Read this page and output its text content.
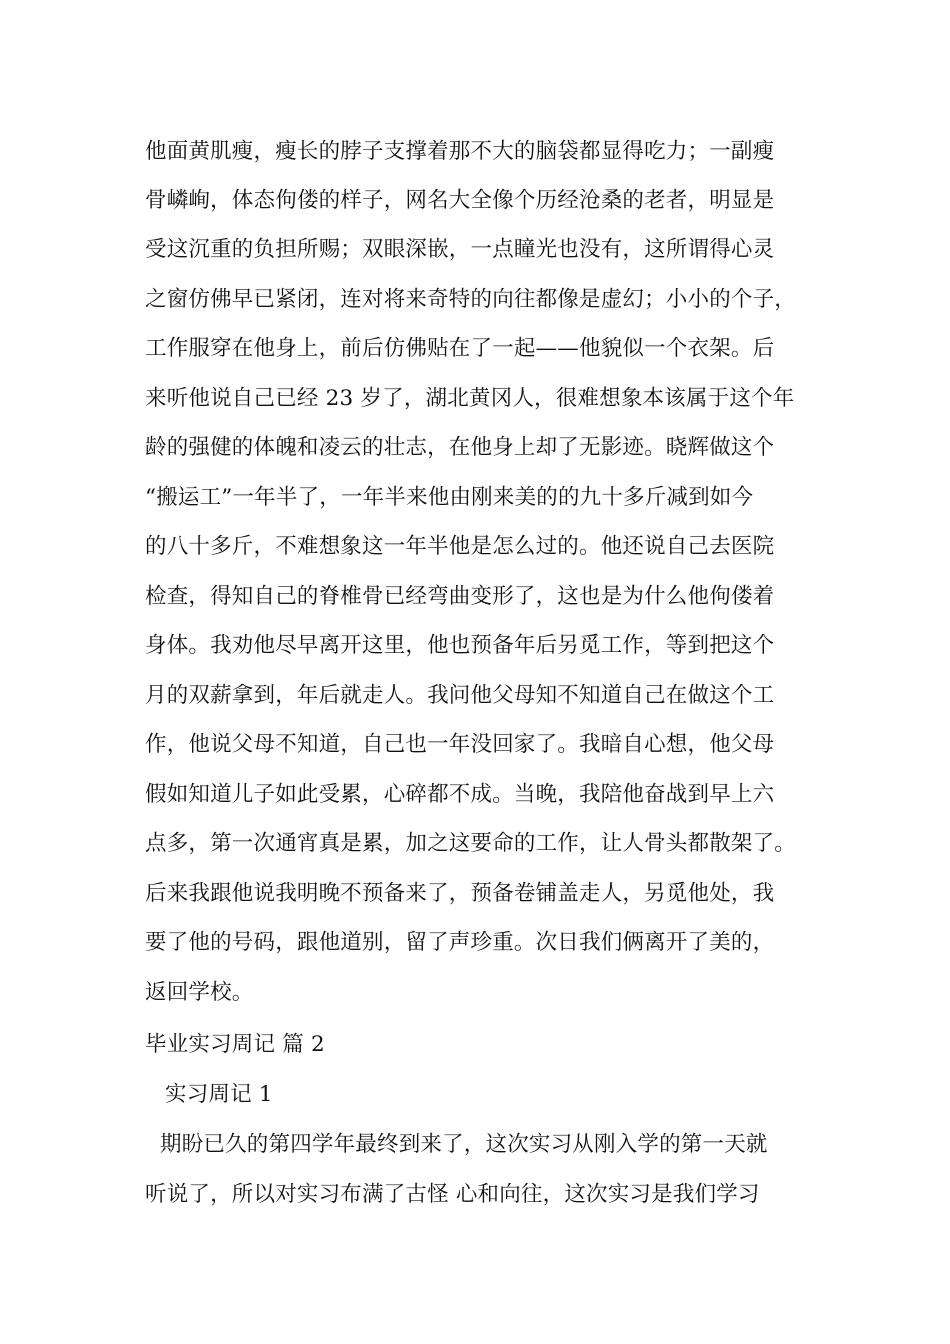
他面黄肌瘦，瘦长的脖子支撑着那不大的脑袋都显得吃力；一副瘦
骨嶙峋，体态佝偻的样子，网名大全像个历经沧桑的老者，明显是
受这沉重的负担所赐；双眼深嵌，一点瞳光也没有，这所谓得心灵
之窗仿佛早已紧闭，连对将来奇特的向往都像是虚幻；小小的个子，
工作服穿在他身上，前后仿佛贴在了一起——他貌似一个衣架。后
来听他说自己已经 23 岁了，湖北黄冈人，很难想象本该属于这个年
龄的强健的体魄和凌云的壮志，在他身上却了无影迹。晓辉做这个
“搬运工”一年半了，一年半来他由刚来美的的九十多斤减到如今
的八十多斤，不难想象这一年半他是怎么过的。他还说自己去医院
检查，得知自己的脊椎骨已经弯曲变形了，这也是为什么他佝偻着
身体。我劝他尽早离开这里，他也预备年后另觅工作，等到把这个
月的双薪拿到，年后就走人。我问他父母知不知道自己在做这个工
作，他说父母不知道，自己也一年没回家了。我暗自心想，他父母
假如知道儿子如此受累，心碎都不成。当晚，我陪他奋战到早上六
点多，第一次通宵真是累，加之这要命的工作，让人骨头都散架了。
后来我跟他说我明晚不预备来了，预备卷铺盖走人，另觅他处，我
要了他的号码，跟他道别，留了声珍重。次日我们俩离开了美的，
返回学校。
毕业实习周记 篇 2
实习周记 1
期盼已久的第四学年最终到来了，这次实习从刚入学的第一天就
听说了，所以对实习布满了古怪 心和向往，这次实习是我们学习
